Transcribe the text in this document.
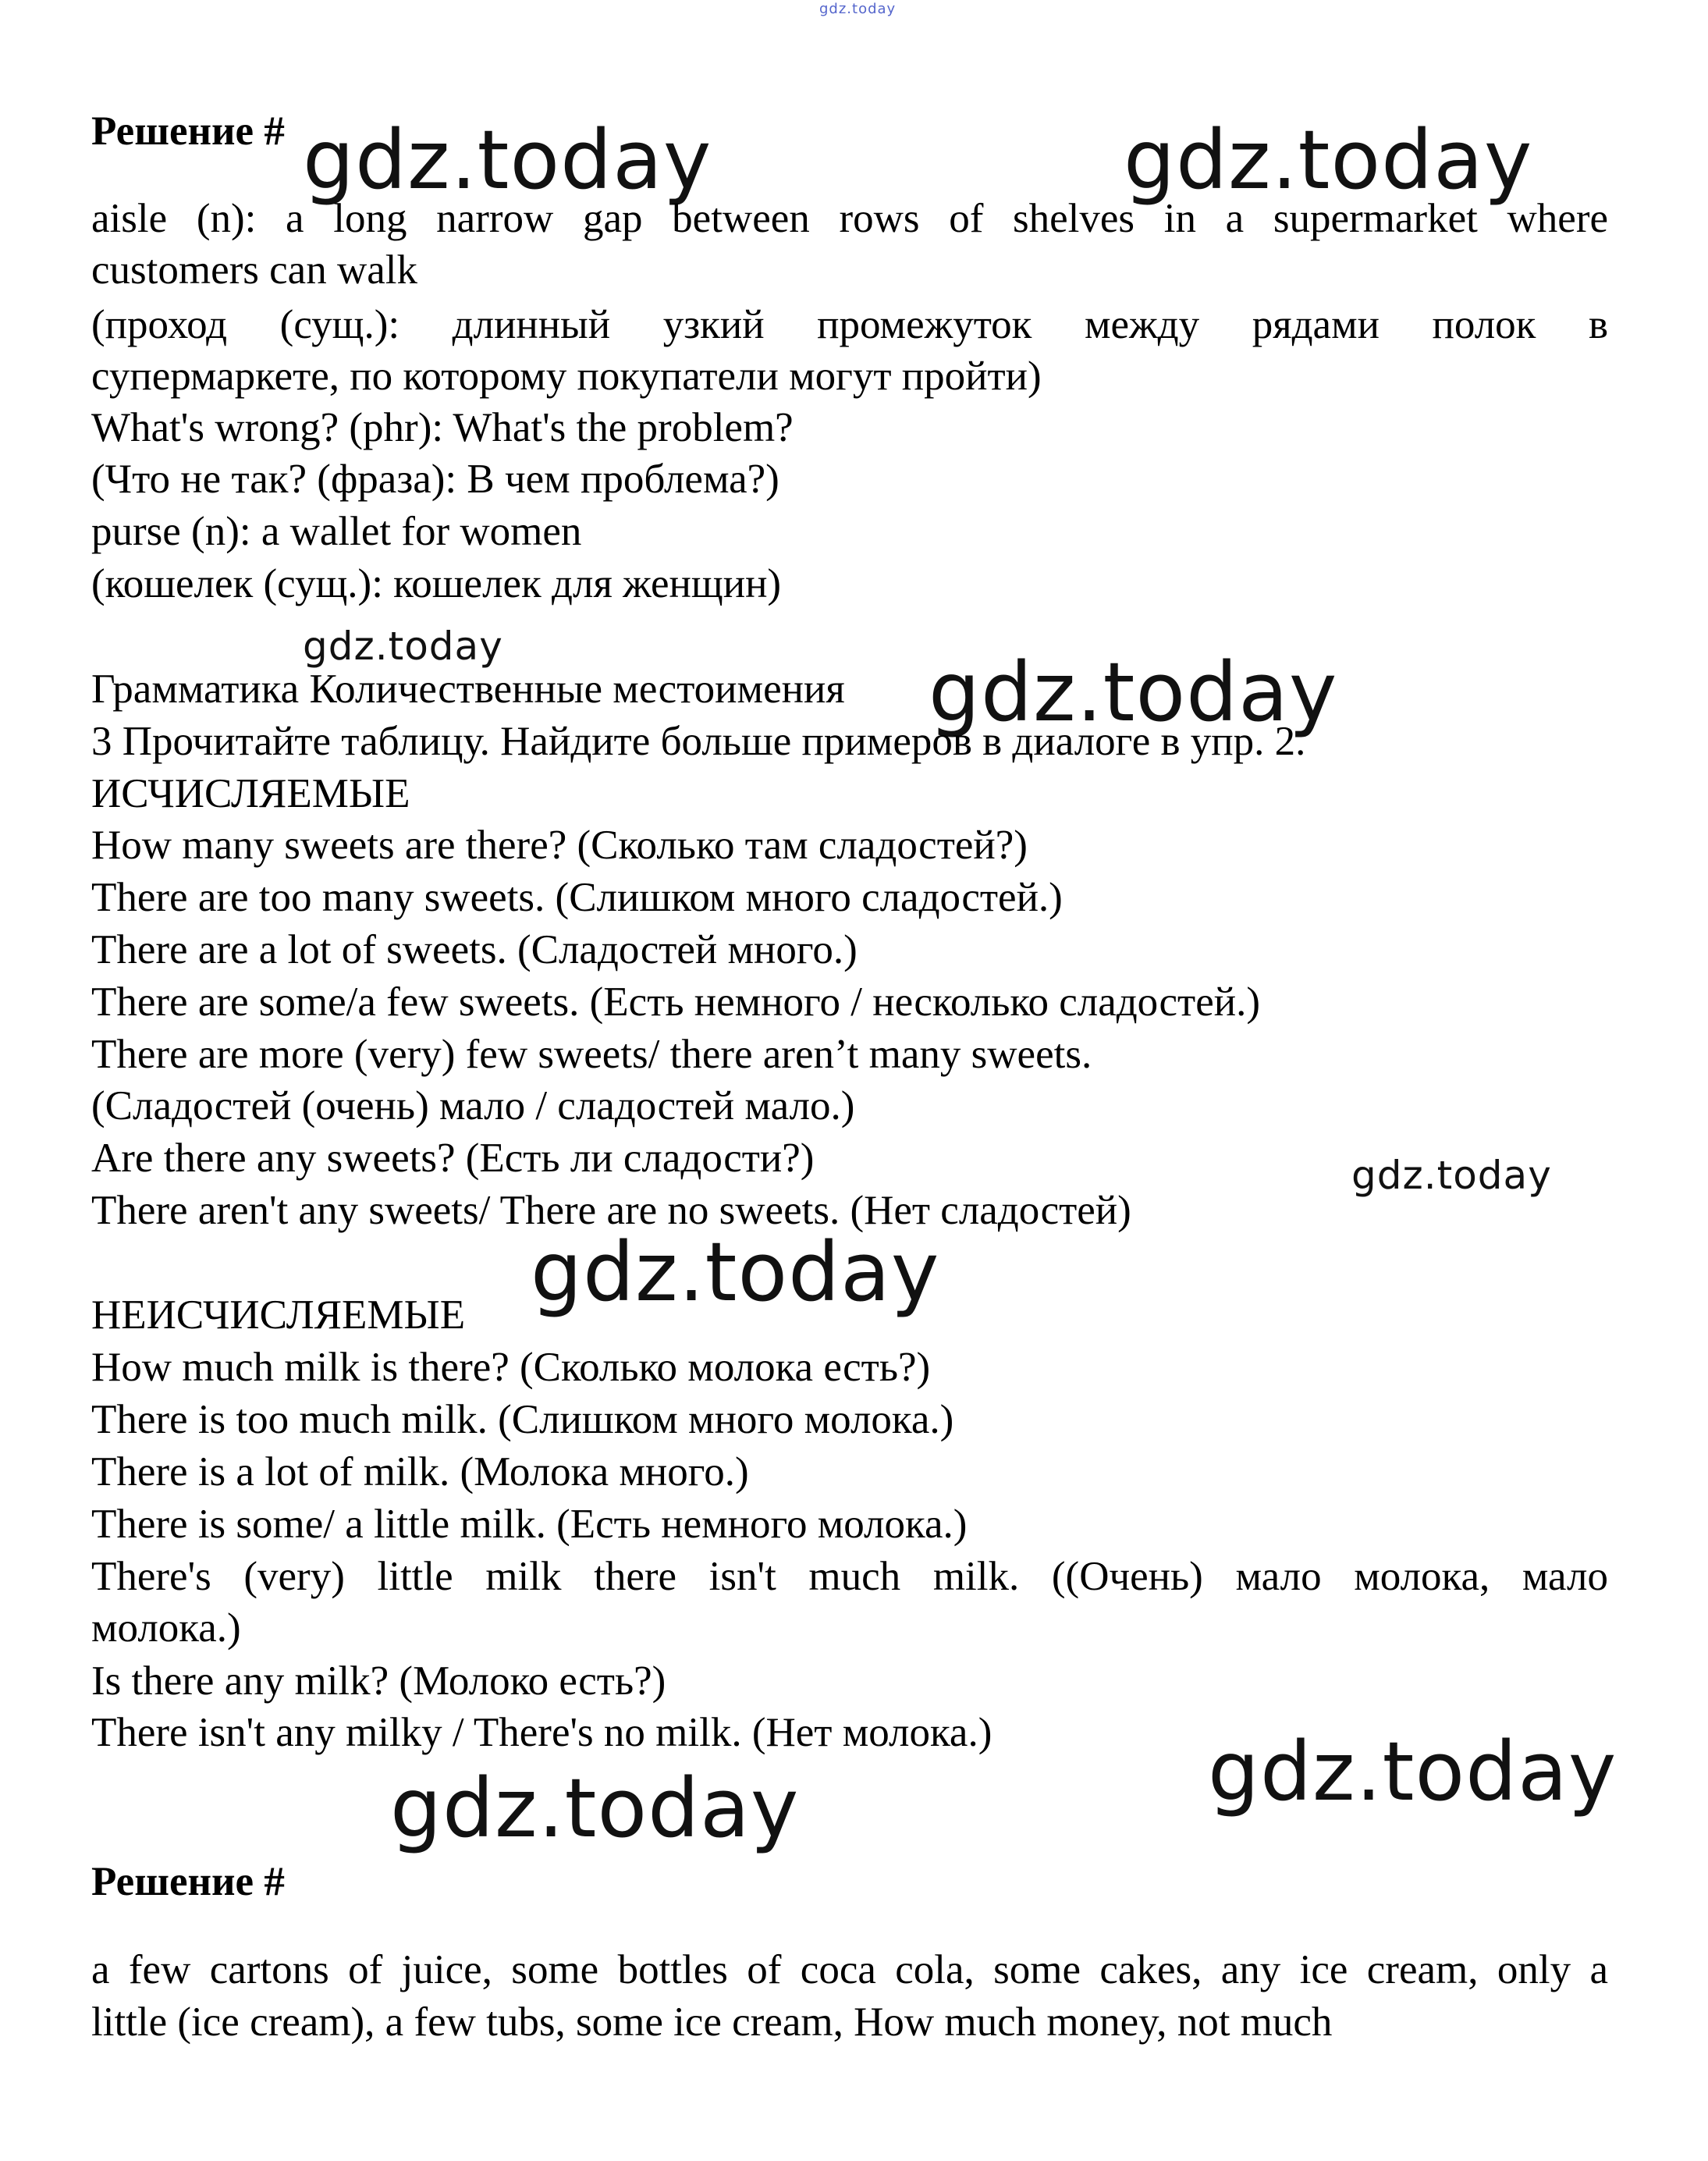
gdz.today
gdz.today	gdz.today
gdz.today	gdz.today
gdz.today
gdz.today
gdz.today
gdz.today
Решение #
aisle (n): a long narrow gap between rows of shelves in a supermarket where
customers can walk
(проход (сущ.): длинный узкий промежуток между рядами полок в
супермаркете, по которому покупатели могут пройти)
What's wrong? (phr): What's the problem?
(Что не так? (фраза): В чем проблема?)
purse (n): a wallet for women
(кошелек (сущ.): кошелек для женщин)
Грамматика Количественные местоимения
3 Прочитайте таблицу. Найдите больше примеров в диалоге в упр. 2.
ИСЧИСЛЯЕМЫЕ
How many sweets are there? (Сколько там сладостей?)
There are too many sweets. (Слишком много сладостей.)
There are a lot of sweets. (Сладостей много.)
There are some/a few sweets. (Есть немного / несколько сладостей.)
There are more (very) few sweets/ there aren’t many sweets.
(Сладостей (очень) мало / сладостей мало.)
Are there any sweets? (Есть ли сладости?)
There aren't any sweets/ There are no sweets. (Нет сладостей)
НЕИСЧИСЛЯЕМЫЕ
How much milk is there? (Сколько молока есть?)
There is too much milk. (Слишком много молока.)
There is a lot of milk. (Молока много.)
There is some/ a little milk. (Есть немного молока.)
There's (very) little milk there isn't much milk. ((Очень) мало молока, мало
молока.)
Is there any milk? (Молоко есть?)
There isn't any milky / There's no milk. (Нет молока.)
Решение #
a few cartons of juice, some bottles of coca cola, some cakes, any ice cream, only a
little (ice cream), a few tubs, some ice cream, How much money, not much
